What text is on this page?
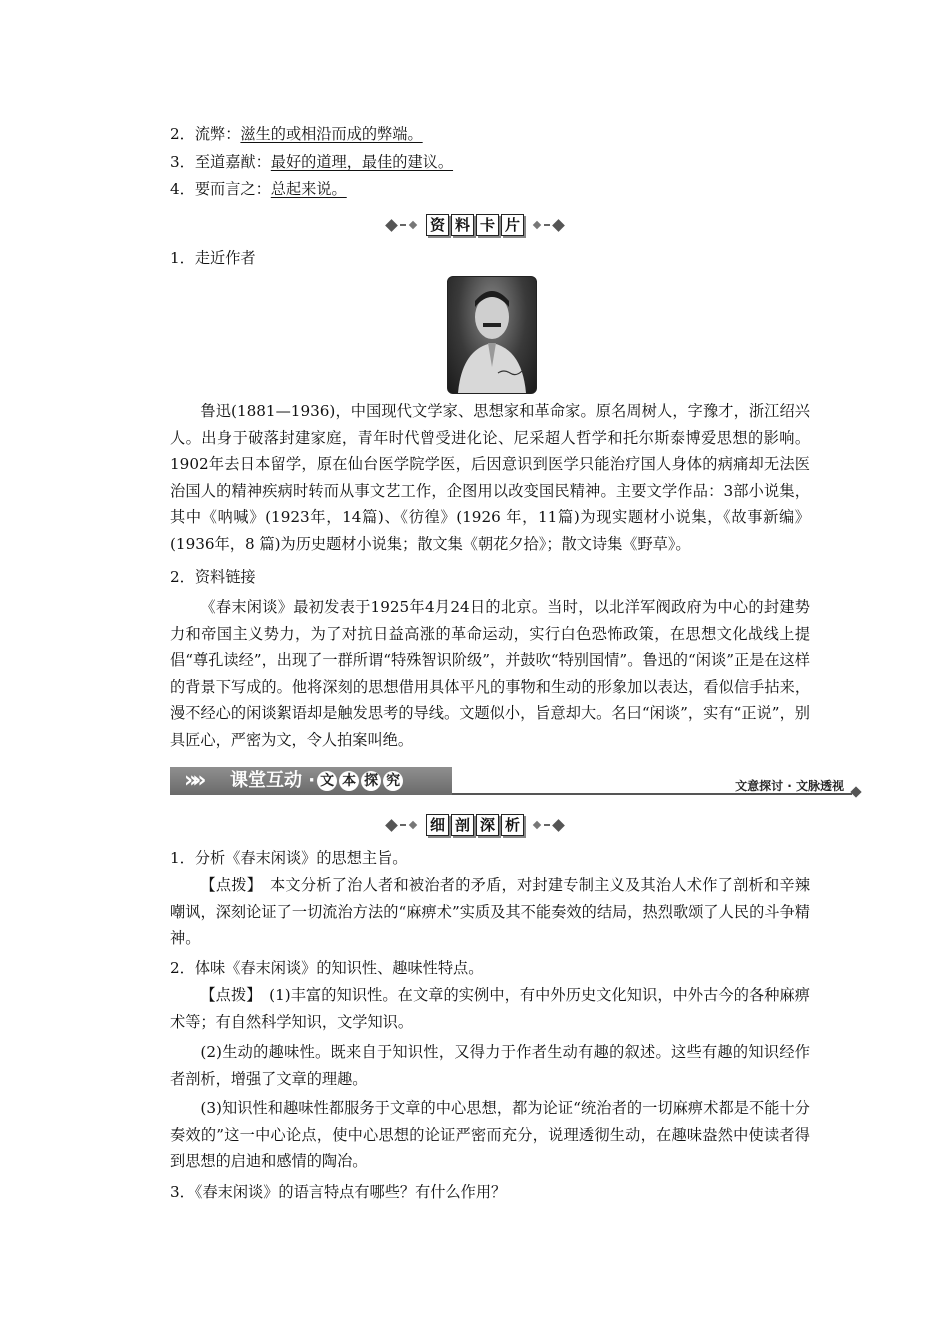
2．流弊：滋生的或相沿而成的弊端。
3．至道嘉猷：最好的道理，最佳的建议。
4．要而言之：总起来说。
资 料 卡 片
1．走近作者
鲁迅(1881—1936)，中国现代文学家、思想家和革命家。原名周树人，字豫才，浙江绍兴人。出身于破落封建家庭，青年时代曾受进化论、尼采超人哲学和托尔斯泰博爱思想的影响。1902年去日本留学，原在仙台医学院学医，后因意识到医学只能治疗国人身体的病痛却无法医治国人的精神疾病时转而从事文艺工作，企图用以改变国民精神。主要文学作品：3部小说集，其中《呐喊》(1923年，14篇)、《彷徨》(1926 年，11篇)为现实题材小说集，《故事新编》(1936年，8 篇)为历史题材小说集；散文集《朝花夕拾》；散文诗集《野草》。
2．资料链接
《春末闲谈》最初发表于1925年4月24日的北京。当时，以北洋军阀政府为中心的封建势力和帝国主义势力，为了对抗日益高涨的革命运动，实行白色恐怖政策，在思想文化战线上提倡“尊孔读经”，出现了一群所谓“特殊智识阶级”，并鼓吹“特别国情”。鲁迅的“闲谈”正是在这样的背景下写成的。他将深刻的思想借用具体平凡的事物和生动的形象加以表达，看似信手拈来，漫不经心的闲谈絮语却是触发思考的导线。文题似小，旨意却大。名曰“闲谈”，实有“正说”，别具匠心，严密为文，令人拍案叫绝。
»» 课堂互动 · 文 本 探 究	文意探讨 · 文脉透视
细 剖 深 析
1．分析《春末闲谈》的思想主旨。
【点拨】　本文分析了治人者和被治者的矛盾，对封建专制主义及其治人术作了剖析和辛辣嘲讽，深刻论证了一切流治方法的“麻痹术”实质及其不能奏效的结局，热烈歌颂了人民的斗争精神。
2．体味《春末闲谈》的知识性、趣味性特点。
【点拨】　(1)丰富的知识性。在文章的实例中，有中外历史文化知识，中外古今的各种麻痹术等；有自然科学知识，文学知识。
(2)生动的趣味性。既来自于知识性，又得力于作者生动有趣的叙述。这些有趣的知识经作者剖析，增强了文章的理趣。
(3)知识性和趣味性都服务于文章的中心思想，都为论证“统治者的一切麻痹术都是不能十分奏效的”这一中心论点，使中心思想的论证严密而充分，说理透彻生动，在趣味盎然中使读者得到思想的启迪和感情的陶冶。
3．《春末闲谈》的语言特点有哪些？有什么作用？
